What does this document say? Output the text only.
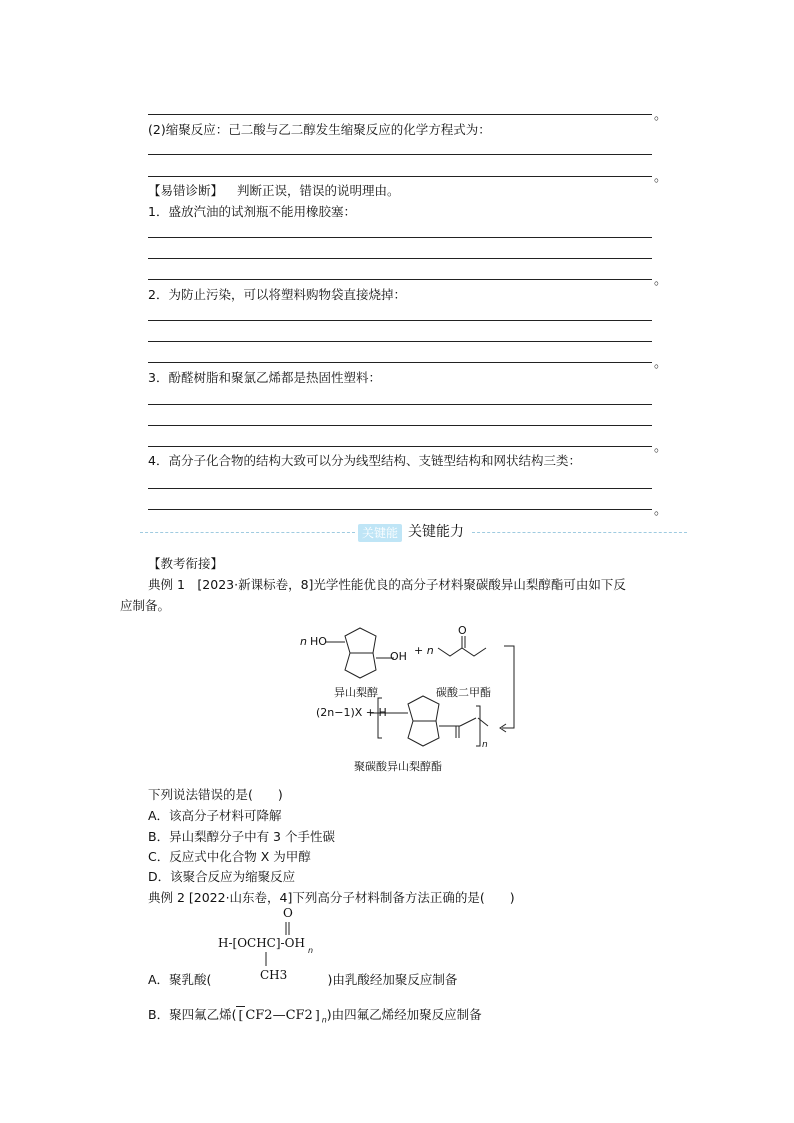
。
(2)缩聚反应：己二酸与乙二醇发生缩聚反应的化学方程式为：
。
【易错诊断】 判断正误，错误的说明理由。
1．盛放汽油的试剂瓶不能用橡胶塞：
。
2．为防止污染，可以将塑料购物袋直接烧掉：
。
3．酚醛树脂和聚氯乙烯都是热固性塑料：
。
4．高分子化合物的结构大致可以分为线型结构、支链型结构和网状结构三类：
。
关键能力
关键能力
【教考衔接】
典例 1　[2023·新课标卷，8]光学性能优良的高分子材料聚碳酸异山梨醇酯可由如下反
应制备。
n HO
OH + n
O
异山梨醇	碳酸二甲酯
(2n−1)X + H
n
聚碳酸异山梨醇酯
下列说法错误的是(　　)
A．该高分子材料可降解
B．异山梨醇分子中有 3 个手性碳
C．反应式中化合物 X 为甲醇
D．该聚合反应为缩聚反应
典例 2 [2022·山东卷，4]下列高分子材料制备方法正确的是(　　)
O
H-[OCHC]-OH
n
CH3
A．聚乳酸(	)由乳酸经加聚反应制备
B．聚四氟乙烯( [ CF2—CF2 ] $_n$)由四氟乙烯经加聚反应制备
